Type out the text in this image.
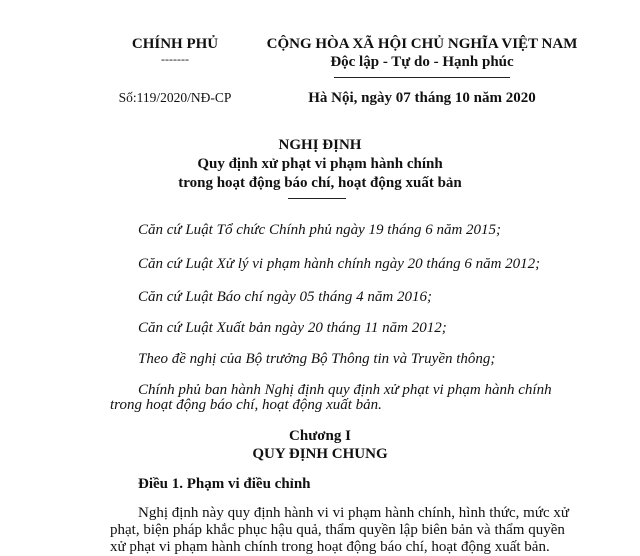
CHÍNH PHỦ
-------
Số:119/2020/NĐ-CP
CỘNG HÒA XÃ HỘI CHỦ NGHĨA VIỆT NAM
Độc lập - Tự do - Hạnh phúc
Hà Nội, ngày 07 tháng 10 năm 2020
NGHỊ ĐỊNH
Quy định xử phạt vi phạm hành chính
trong hoạt động báo chí, hoạt động xuất bản
Căn cứ Luật Tổ chức Chính phủ ngày 19 tháng 6 năm 2015;
Căn cứ Luật Xử lý vi phạm hành chính ngày 20 tháng 6 năm 2012;
Căn cứ Luật Báo chí ngày 05 tháng 4 năm 2016;
Căn cứ Luật Xuất bản ngày 20 tháng 11 năm 2012;
Theo đề nghị của Bộ trưởng Bộ Thông tin và Truyền thông;
Chính phủ ban hành Nghị định quy định xử phạt vi phạm hành chính
trong hoạt động báo chí, hoạt động xuất bản.
Chương I
QUY ĐỊNH CHUNG
Điều 1. Phạm vi điều chỉnh
Nghị định này quy định hành vi vi phạm hành chính, hình thức, mức xử
phạt, biện pháp khắc phục hậu quả, thẩm quyền lập biên bản và thẩm quyền
xử phạt vi phạm hành chính trong hoạt động báo chí, hoạt động xuất bản.
